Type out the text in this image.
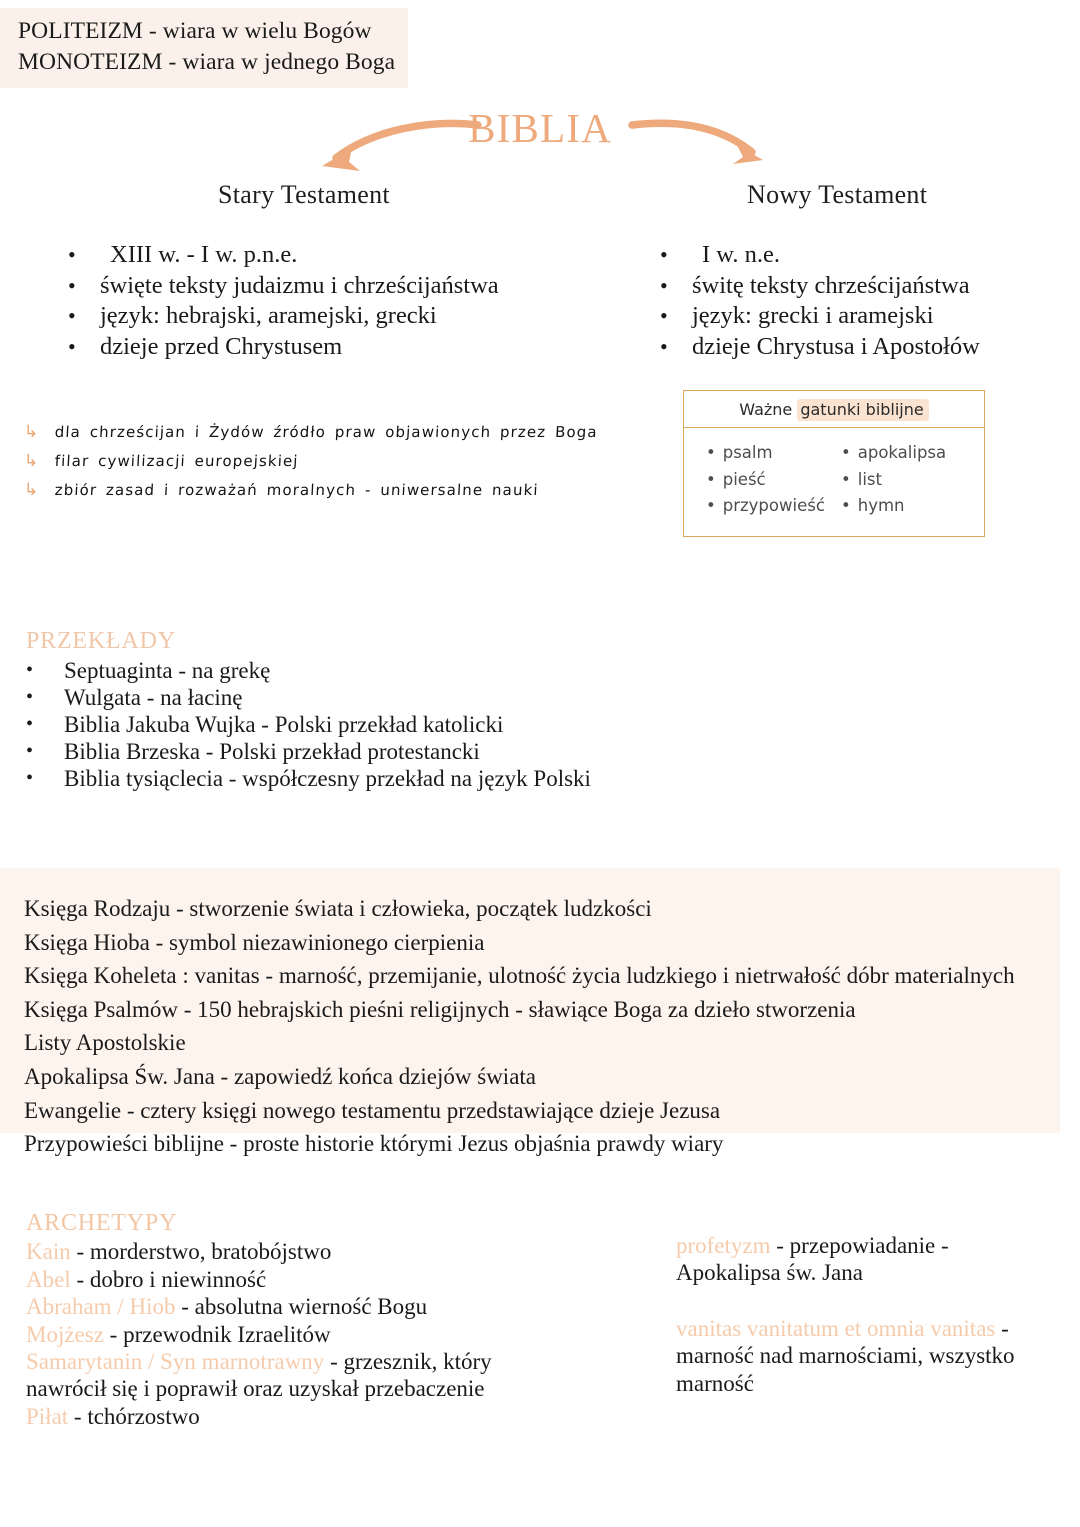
POLITEIZM - wiara w wielu Bogów
MONOTEIZM - wiara w jednego Boga
BIBLIA
Stary Testament	Nowy Testament
•	XIII w. - I w. p.n.e.
• święte teksty judaizmu i chrześcijaństwa
• język: hebrajski, aramejski, grecki
• dzieje przed Chrystusem
•	I w. n.e.
• świtę teksty chrześcijaństwa
• język: grecki i aramejski
• dzieje Chrystusa i Apostołów
↳	dla chrześcijan i Żydów źródło praw objawionych przez Boga
↳	filar cywilizacji europejskiej
↳	zbiór zasad i rozważań moralnych - uniwersalne nauki
Ważne gatunki biblijne
• psalm
• pieść
• przypowieść
• apokalipsa
• list
• hymn
PRZEKŁADY
•	Septuaginta - na grekę
•	Wulgata - na łacinę
•	Biblia Jakuba Wujka - Polski przekład katolicki
•	Biblia Brzeska - Polski przekład protestancki
•	Biblia tysiąclecia - współczesny przekład na język Polski
Księga Rodzaju - stworzenie świata i człowieka, początek ludzkości
Księga Hioba - symbol niezawinionego cierpienia
Księga Koheleta : vanitas - marność, przemijanie, ulotność życia ludzkiego i nietrwałość dóbr materialnych
Księga Psalmów - 150 hebrajskich pieśni religijnych - sławiące Boga za dzieło stworzenia
Listy Apostolskie
Apokalipsa Św. Jana - zapowiedź końca dziejów świata
Ewangelie - cztery księgi nowego testamentu przedstawiające dzieje Jezusa
Przypowieści biblijne - proste historie którymi Jezus objaśnia prawdy wiary
ARCHETYPY
Kain - morderstwo, bratobójstwo
Abel - dobro i niewinność
Abraham / Hiob - absolutna wierność Bogu
Mojżesz - przewodnik Izraelitów
Samarytanin / Syn marnotrawny - grzesznik, który
nawrócił się i poprawił oraz uzyskał przebaczenie
Piłat - tchórzostwo
profetyzm - przepowiadanie -
Apokalipsa św. Jana
vanitas vanitatum et omnia vanitas -
marność nad marnościami, wszystko
marność
